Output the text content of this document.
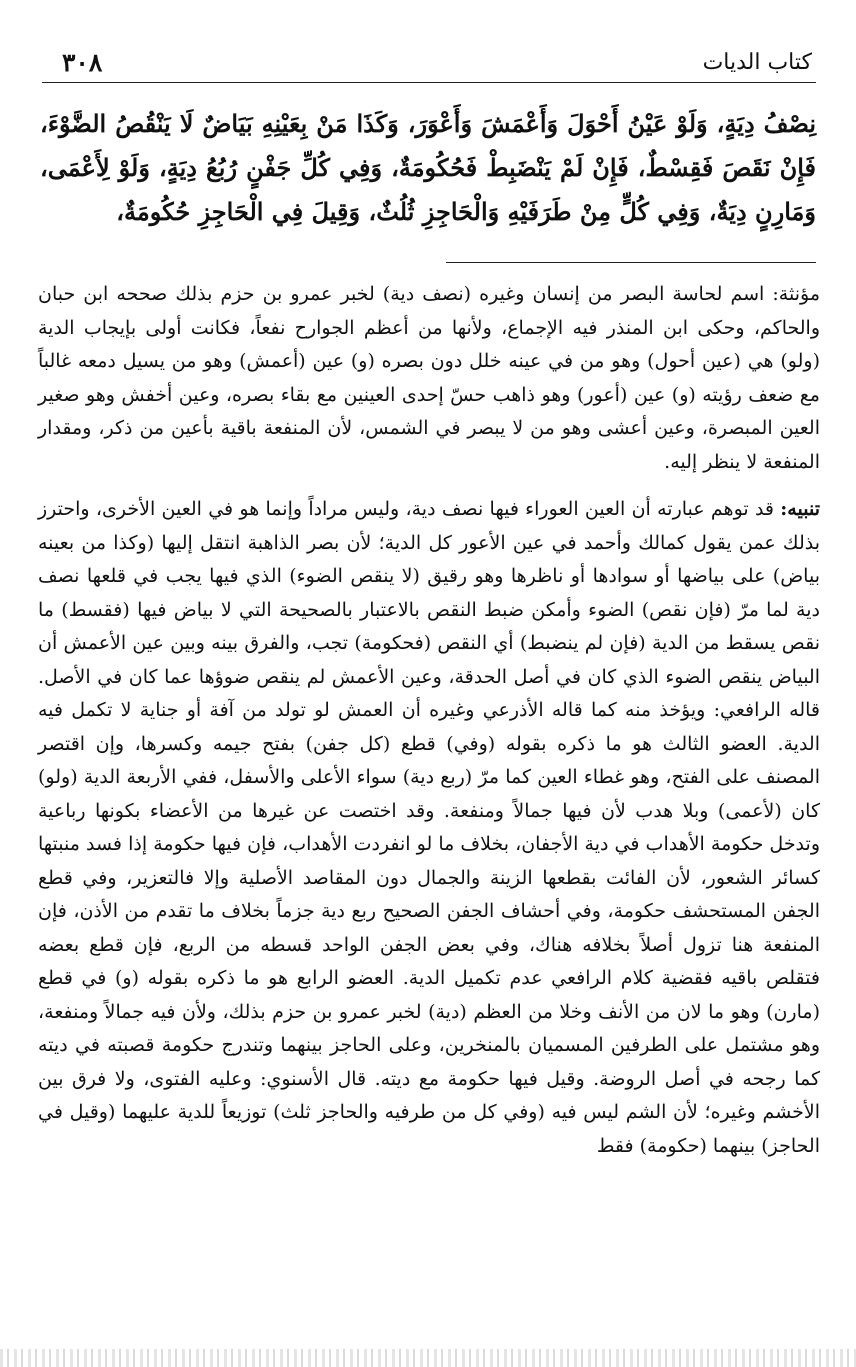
٣٠٨	كتاب الديات

نِصْفُ دِيَةٍ، وَلَوْ عَيْنُ أَحْوَلَ وَأَعْمَشَ وَأَعْوَرَ، وَكَذَا مَنْ بِعَيْنِهِ بَيَاضٌ لَا يَنْقُصُ الضَّوْءَ، فَإِنْ نَقَصَ فَقِسْطٌ، فَإِنْ لَمْ يَنْضَبِطْ فَحُكُومَةٌ، وَفِي كُلِّ جَفْنٍ رُبُعُ دِيَةٍ، وَلَوْ لِأَعْمَى، وَمَارِنٍ دِيَةٌ، وَفِي كُلٍّ مِنْ طَرَفَيْهِ وَالْحَاجِزِ ثُلُثٌ، وَقِيلَ فِي الْحَاجِزِ حُكُومَةٌ،

مؤنثة: اسم لحاسة البصر من إنسان وغيره (نصف دية) لخبر عمرو بن حزم بذلك صححه ابن حبان والحاكم، وحكى ابن المنذر فيه الإجماع، ولأنها من أعظم الجوارح نفعاً، فكانت أولى بإيجاب الدية (ولو) هي (عين أحول) وهو من في عينه خلل دون بصره (و) عين (أعمش) وهو من يسيل دمعه غالباً مع ضعف رؤيته (و) عين (أعور) وهو ذاهب حسّ إحدى العينين مع بقاء بصره، وعين أخفش وهو صغير العين المبصرة، وعين أعشى وهو من لا يبصر في الشمس، لأن المنفعة باقية بأعين من ذكر، ومقدار المنفعة لا ينظر إليه.

تنبيه: قد توهم عبارته أن العين العوراء فيها نصف دية، وليس مراداً وإنما هو في العين الأخرى، واحترز بذلك عمن يقول كمالك وأحمد في عين الأعور كل الدية؛ لأن بصر الذاهبة انتقل إليها (وكذا من بعينه بياض) على بياضها أو سوادها أو ناظرها وهو رقيق (لا ينقص الضوء) الذي فيها يجب في قلعها نصف دية لما مرّ (فإن نقص) الضوء وأمكن ضبط النقص بالاعتبار بالصحيحة التي لا بياض فيها (فقسط) ما نقص يسقط من الدية (فإن لم ينضبط) أي النقص (فحكومة) تجب، والفرق بينه وبين عين الأعمش أن البياض ينقص الضوء الذي كان في أصل الحدقة، وعين الأعمش لم ينقص ضوؤها عما كان في الأصل. قاله الرافعي: ويؤخذ منه كما قاله الأذرعي وغيره أن العمش لو تولد من آفة أو جناية لا تكمل فيه الدية. العضو الثالث هو ما ذكره بقوله (وفي) قطع (كل جفن) بفتح جيمه وكسرها، وإن اقتصر المصنف على الفتح، وهو غطاء العين كما مرّ (ربع دية) سواء الأعلى والأسفل، ففي الأربعة الدية (ولو) كان (لأعمى) وبلا هدب لأن فيها جمالاً ومنفعة. وقد اختصت عن غيرها من الأعضاء بكونها رباعية وتدخل حكومة الأهداب في دية الأجفان، بخلاف ما لو انفردت الأهداب، فإن فيها حكومة إذا فسد منبتها كسائر الشعور، لأن الفائت بقطعها الزينة والجمال دون المقاصد الأصلية وإلا فالتعزير، وفي قطع الجفن المستحشف حكومة، وفي أحشاف الجفن الصحيح ربع دية جزماً بخلاف ما تقدم من الأذن، فإن المنفعة هنا تزول أصلاً بخلافه هناك، وفي بعض الجفن الواحد قسطه من الربع، فإن قطع بعضه فتقلص باقيه فقضية كلام الرافعي عدم تكميل الدية. العضو الرابع هو ما ذكره بقوله (و) في قطع (مارن) وهو ما لان من الأنف وخلا من العظم (دية) لخبر عمرو بن حزم بذلك، ولأن فيه جمالاً ومنفعة، وهو مشتمل على الطرفين المسميان بالمنخرين، وعلى الحاجز بينهما وتندرج حكومة قصبته في ديته كما رجحه في أصل الروضة. وقيل فيها حكومة مع ديته. قال الأسنوي: وعليه الفتوى، ولا فرق بين الأخشم وغيره؛ لأن الشم ليس فيه (وفي كل من طرفيه والحاجز ثلث) توزيعاً للدية عليهما (وقيل في الحاجز) بينهما (حكومة) فقط
